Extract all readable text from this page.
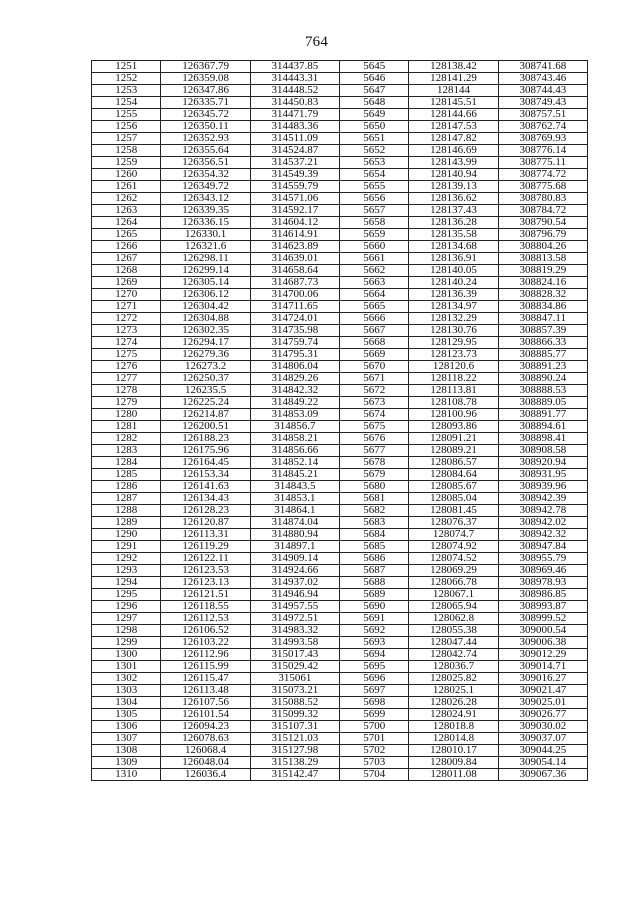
764
1251	126367.79	314437.85	5645	128138.42	308741.68
1252	126359.08	314443.31	5646	128141.29	308743.46
1253	126347.86	314448.52	5647	128144	308744.43
1254	126335.71	314450.83	5648	128145.51	308749.43
1255	126345.72	314471.79	5649	128144.66	308757.51
1256	126350.11	314483.36	5650	128147.53	308762.74
1257	126352.93	314511.09	5651	128147.82	308769.93
1258	126355.64	314524.87	5652	128146.69	308776.14
1259	126356.51	314537.21	5653	128143.99	308775.11
1260	126354.32	314549.39	5654	128140.94	308774.72
1261	126349.72	314559.79	5655	128139.13	308775.68
1262	126343.12	314571.06	5656	128136.62	308780.83
1263	126339.35	314592.17	5657	128137.43	308784.72
1264	126336.15	314604.12	5658	128136.28	308790.54
1265	126330.1	314614.91	5659	128135.58	308796.79
1266	126321.6	314623.89	5660	128134.68	308804.26
1267	126298.11	314639.01	5661	128136.91	308813.58
1268	126299.14	314658.64	5662	128140.05	308819.29
1269	126305.14	314687.73	5663	128140.24	308824.16
1270	126306.12	314700.06	5664	128136.39	308828.32
1271	126304.42	314711.65	5665	128134.97	308834.86
1272	126304.88	314724.01	5666	128132.29	308847.11
1273	126302.35	314735.98	5667	128130.76	308857.39
1274	126294.17	314759.74	5668	128129.95	308866.33
1275	126279.36	314795.31	5669	128123.73	308885.77
1276	126273.2	314806.04	5670	128120.6	308891.23
1277	126250.37	314829.26	5671	128118.22	308890.24
1278	126235.5	314842.32	5672	128113.81	308888.53
1279	126225.24	314849.22	5673	128108.78	308889.05
1280	126214.87	314853.09	5674	128100.96	308891.77
1281	126200.51	314856.7	5675	128093.86	308894.61
1282	126188.23	314858.21	5676	128091.21	308898.41
1283	126175.96	314856.66	5677	128089.21	308908.58
1284	126164.45	314852.14	5678	128086.57	308920.94
1285	126153.34	314845.21	5679	128084.64	308931.95
1286	126141.63	314843.5	5680	128085.67	308939.96
1287	126134.43	314853.1	5681	128085.04	308942.39
1288	126128.23	314864.1	5682	128081.45	308942.78
1289	126120.87	314874.04	5683	128076.37	308942.02
1290	126113.31	314880.94	5684	128074.7	308942.32
1291	126119.29	314897.1	5685	128074.92	308947.84
1292	126122.11	314909.14	5686	128074.52	308955.79
1293	126123.53	314924.66	5687	128069.29	308969.46
1294	126123.13	314937.02	5688	128066.78	308978.93
1295	126121.51	314946.94	5689	128067.1	308986.85
1296	126118.55	314957.55	5690	128065.94	308993.87
1297	126112.53	314972.51	5691	128062.8	308999.52
1298	126106.52	314983.32	5692	128055.38	309000.54
1299	126103.22	314993.58	5693	128047.44	309006.38
1300	126112.96	315017.43	5694	128042.74	309012.29
1301	126115.99	315029.42	5695	128036.7	309014.71
1302	126115.47	315061	5696	128025.82	309016.27
1303	126113.48	315073.21	5697	128025.1	309021.47
1304	126107.56	315088.52	5698	128026.28	309025.01
1305	126101.54	315099.32	5699	128024.91	309026.77
1306	126094.23	315107.31	5700	128018.8	309030.02
1307	126078.63	315121.03	5701	128014.8	309037.07
1308	126068.4	315127.98	5702	128010.17	309044.25
1309	126048.04	315138.29	5703	128009.84	309054.14
1310	126036.4	315142.47	5704	128011.08	309067.36
